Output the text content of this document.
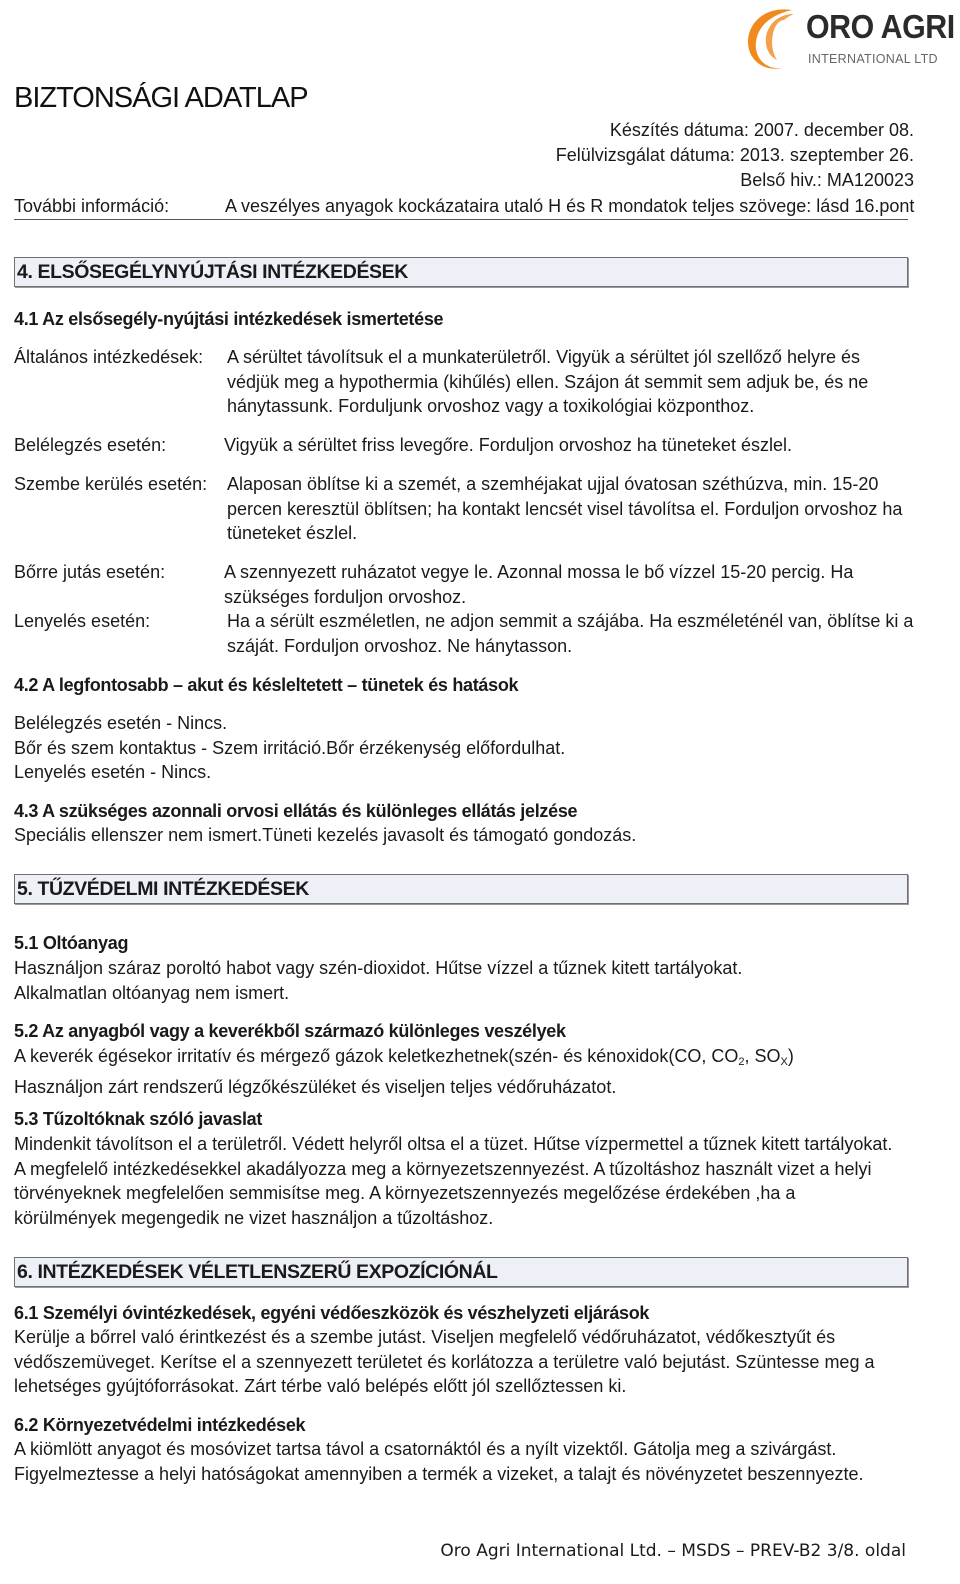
ORO AGRI
INTERNATIONAL LTD
BIZTONSÁGI ADATLAP
Készítés dátuma: 2007. december 08.
Felülvizsgálat dátuma: 2013. szeptember 26.
Belső hiv.: MA120023
További információ:	A veszélyes anyagok kockázataira utaló H és R mondatok teljes szövege: lásd 16.pont
4. ELSŐSEGÉLYNYÚJTÁSI INTÉZKEDÉSEK
4.1 Az elsősegély-nyújtási intézkedések ismertetése
Általános intézkedések: A sérültet távolítsuk el a munkaterületről. Vigyük a sérültet jól szellőző helyre és
védjük meg a hypothermia (kihűlés) ellen. Szájon át semmit sem adjuk be, és ne
hánytassunk. Forduljunk orvoshoz vagy a toxikológiai központhoz.
Belélegzés esetén:	Vigyük a sérültet friss levegőre. Forduljon orvoshoz ha tüneteket észlel.
Szembe kerülés esetén: Alaposan öblítse ki a szemét, a szemhéjakat ujjal óvatosan széthúzva, min. 15-20
percen keresztül öblítsen; ha kontakt lencsét visel távolítsa el. Forduljon orvoshoz ha
tüneteket észlel.
Bőrre jutás esetén:	A szennyezett ruházatot vegye le. Azonnal mossa le bő vízzel 15-20 percig. Ha
szükséges forduljon orvoshoz.
Lenyelés esetén:	Ha a sérült eszméletlen, ne adjon semmit a szájába. Ha eszméleténél van, öblítse ki a
száját. Forduljon orvoshoz. Ne hánytasson.
4.2 A legfontosabb – akut és késleltetett – tünetek és hatások
Belélegzés esetén - Nincs.
Bőr és szem kontaktus - Szem irritáció.Bőr érzékenység előfordulhat.
Lenyelés esetén - Nincs.
4.3 A szükséges azonnali orvosi ellátás és különleges ellátás jelzése
Speciális ellenszer nem ismert.Tüneti kezelés javasolt és támogató gondozás.
5. TŰZVÉDELMI INTÉZKEDÉSEK
5.1 Oltóanyag
Használjon száraz poroltó habot vagy szén-dioxidot. Hűtse vízzel a tűznek kitett tartályokat.
Alkalmatlan oltóanyag nem ismert.
5.2 Az anyagból vagy a keverékből származó különleges veszélyek
A keverék égésekor irritatív és mérgező gázok keletkezhetnek(szén- és kénoxidok(CO, $CO_2$, $SO_X$)
Használjon zárt rendszerű légzőkészüléket és viseljen teljes védőruházatot.
5.3 Tűzoltóknak szóló javaslat
Mindenkit távolítson el a területről. Védett helyről oltsa el a tüzet. Hűtse vízpermettel a tűznek kitett tartályokat.
A megfelelő intézkedésekkel akadályozza meg a környezetszennyezést. A tűzoltáshoz használt vizet a helyi
törvényeknek megfelelően semmisítse meg. A környezetszennyezés megelőzése érdekében ,ha a
körülmények megengedik ne vizet használjon a tűzoltáshoz.
6. INTÉZKEDÉSEK VÉLETLENSZERŰ EXPOZÍCIÓNÁL
6.1 Személyi óvintézkedések, egyéni védőeszközök és vészhelyzeti eljárások
Kerülje a bőrrel való érintkezést és a szembe jutást. Viseljen megfelelő védőruházatot, védőkesztyűt és
védőszemüveget. Kerítse el a szennyezett területet és korlátozza a területre való bejutást. Szüntesse meg a
lehetséges gyújtóforrásokat. Zárt térbe való belépés előtt jól szellőztessen ki.
6.2 Környezetvédelmi intézkedések
A kiömlött anyagot és mosóvizet tartsa távol a csatornáktól és a nyílt vizektől. Gátolja meg a szivárgást.
Figyelmeztesse a helyi hatóságokat amennyiben a termék a vizeket, a talajt és növényzetet beszennyezte.
Oro Agri International Ltd. – MSDS – PREV-B2 3/8. oldal
